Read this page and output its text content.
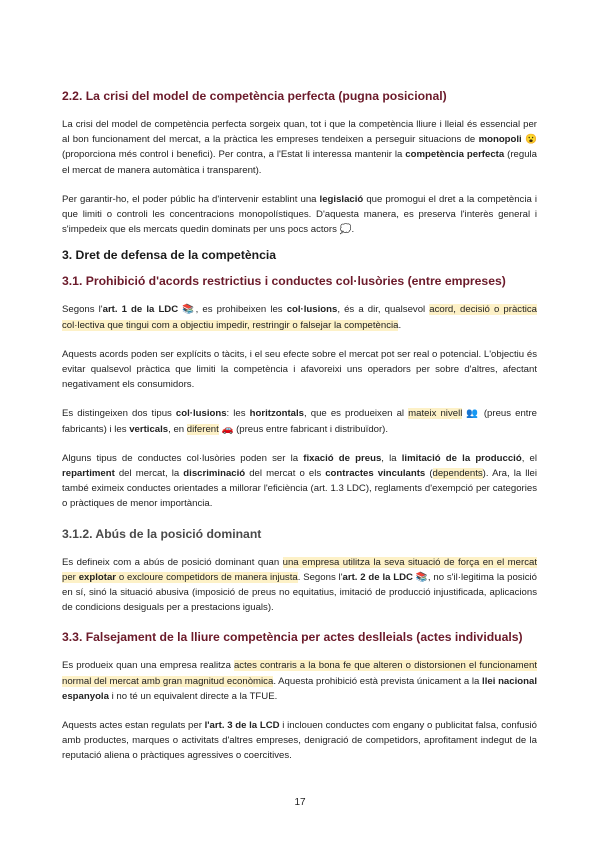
2.2. La crisi del model de competència perfecta (pugna posicional)

La crisi del model de competència perfecta sorgeix quan, tot i que la competència lliure i lleial és essencial per al bon funcionament del mercat, a la pràctica les empreses tendeixen a perseguir situacions de monopoli 😮 (proporciona més control i benefici). Per contra, a l'Estat li interessa mantenir la competència perfecta (regula el mercat de manera automàtica i transparent).

Per garantir-ho, el poder públic ha d'intervenir establint una legislació que promogui el dret a la competència i que limiti o controli les concentracions monopolístiques. D'aquesta manera, es preserva l'interès general i s'impedeix que els mercats quedin dominats per uns pocs actors 💭.

3. Dret de defensa de la competència
3.1. Prohibició d'acords restrictius i conductes col·lusòries (entre empreses)

Segons l'art. 1 de la LDC 📚, es prohibeixen les col·lusions, és a dir, qualsevol acord, decisió o pràctica col·lectiva que tingui com a objectiu impedir, restringir o falsejar la competència.

Aquests acords poden ser explícits o tàcits, i el seu efecte sobre el mercat pot ser real o potencial. L'objectiu és evitar qualsevol pràctica que limiti la competència i afavoreixi uns operadors per sobre d'altres, afectant negativament els consumidors.

Es distingeixen dos tipus col·lusions: les horitzontals, que es produeixen al mateix nivell 👥 (preus entre fabricants) i les verticals, en diferent 🚗 (preus entre fabricant i distribuïdor).

Alguns tipus de conductes col·lusòries poden ser la fixació de preus, la limitació de la producció, el repartiment del mercat, la discriminació del mercat o els contractes vinculants (dependents). Ara, la llei també eximeix conductes orientades a millorar l'eficiència (art. 1.3 LDC), reglaments d'exempció per categories o pràctiques de menor importància.

3.1.2. Abús de la posició dominant

Es defineix com a abús de posició dominant quan una empresa utilitza la seva situació de força en el mercat per explotar o excloure competidors de manera injusta. Segons l'art. 2 de la LDC 📚, no s'il·legitima la posició en sí, sinó la situació abusiva (imposició de preus no equitatius, imitació de producció injustificada, aplicacions de condicions desiguals per a prestacions iguals).

3.3. Falsejament de la lliure competència per actes deslleials (actes individuals)

Es produeix quan una empresa realitza actes contraris a la bona fe que alteren o distorsionen el funcionament normal del mercat amb gran magnitud econòmica. Aquesta prohibició està prevista únicament a la llei nacional espanyola i no té un equivalent directe a la TFUE.

Aquests actes estan regulats per l'art. 3 de la LCD i inclouen conductes com engany o publicitat falsa, confusió amb productes, marques o activitats d'altres empreses, denigració de competidors, aprofitament indegut de la reputació aliena o pràctiques agressives o coercitives.

17
